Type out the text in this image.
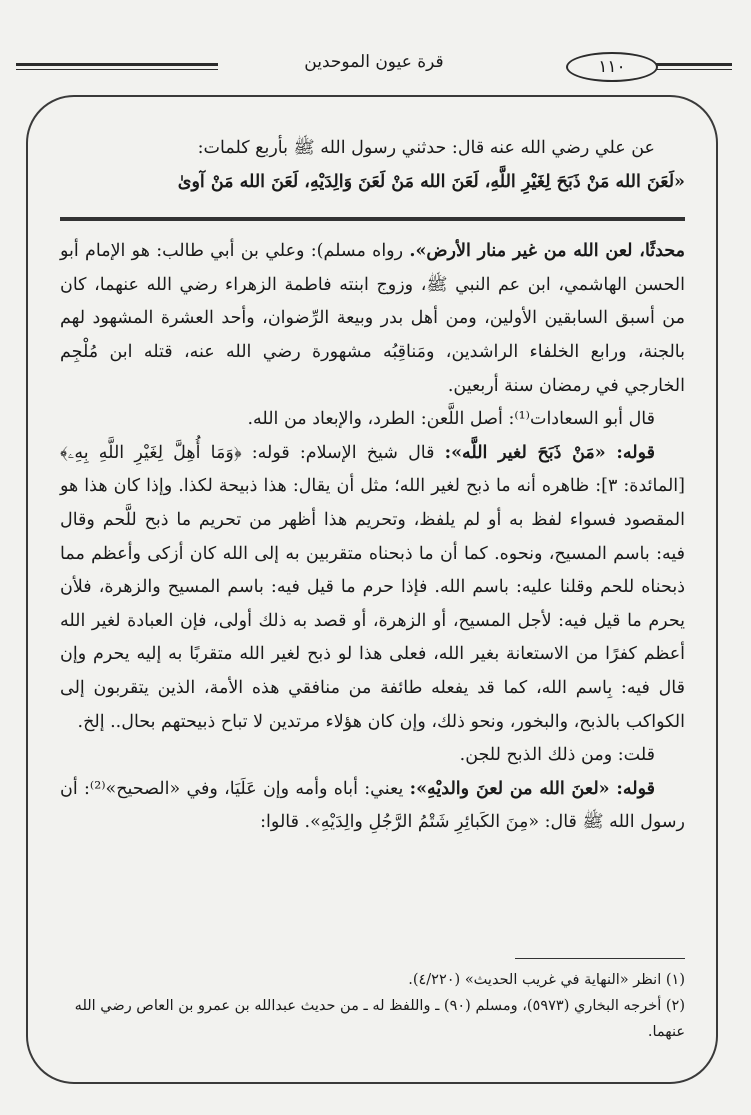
قرة عيون الموحدين	١١٠

عن علي رضي الله عنه قال: حدثني رسول الله ﷺ بأربع كلمات:

«لَعَنَ الله مَنْ ذَبَحَ لِغَيْرِ اللَّهِ، لَعَنَ الله مَنْ لَعَنَ وَالِدَيْهِ، لَعَنَ الله مَنْ آوىٰ

محدثًا، لعن الله من غير منار الأرض». رواه مسلم): وعلي بن أبي طالب: هو الإمام أبو الحسن الهاشمي، ابن عم النبي ﷺ، وزوج ابنته فاطمة الزهراء رضي الله عنهما، كان من أسبق السابقين الأولين، ومن أهل بدر وبيعة الرِّضوان، وأحد العشرة المشهود لهم بالجنة، ورابع الخلفاء الراشدين، ومَناقِبُه مشهورة رضي الله عنه، قتله ابن مُلْجِم الخارجي في رمضان سنة أربعين.

قال أبو السعادات⁽¹⁾: أصل اللَّعن: الطرد، والإبعاد من الله.

قوله: «مَنْ ذَبَحَ لغير اللَّه»: قال شيخ الإسلام: قوله: ﴿وَمَا أُهِلَّ لِغَيْرِ اللَّهِ بِهِۦ﴾ [المائدة: ٣]: ظاهره أنه ما ذبح لغير الله؛ مثل أن يقال: هذا ذبيحة لكذا. وإذا كان هذا هو المقصود فسواء لفظ به أو لم يلفظ، وتحريم هذا أظهر من تحريم ما ذبح للَّحم وقال فيه: باسم المسيح، ونحوه. كما أن ما ذبحناه متقربين به إلى الله كان أزكى وأعظم مما ذبحناه للحم وقلنا عليه: باسم الله. فإذا حرم ما قيل فيه: باسم المسيح والزهرة، فلأن يحرم ما قيل فيه: لأجل المسيح، أو الزهرة، أو قصد به ذلك أولى، فإن العبادة لغير الله أعظم كفرًا من الاستعانة بغير الله، فعلى هذا لو ذبح لغير الله متقربًا به إليه يحرم وإن قال فيه: بِاسم الله، كما قد يفعله طائفة من منافقي هذه الأمة، الذين يتقربون إلى الكواكب بالذبح، والبخور، ونحو ذلك، وإن كان هؤلاء مرتدين لا تباح ذبيحتهم بحال.. إلخ.

قلت: ومن ذلك الذبح للجن.

قوله: «لعنَ الله من لعنَ والديْهِ»: يعني: أباه وأمه وإن عَلَيَا، وفي «الصحيح»⁽²⁾: أن رسول الله ﷺ قال: «مِنَ الكَبائِرِ شَتْمُ الرَّجُلِ والِدَيْهِ». قالوا:

(١) انظر «النهاية في غريب الحديث» (٤/٢٢٠).

(٢) أخرجه البخاري (٥٩٧٣)، ومسلم (٩٠) ـ واللفظ له ـ من حديث عبدالله بن عمرو بن العاص رضي الله عنهما.
